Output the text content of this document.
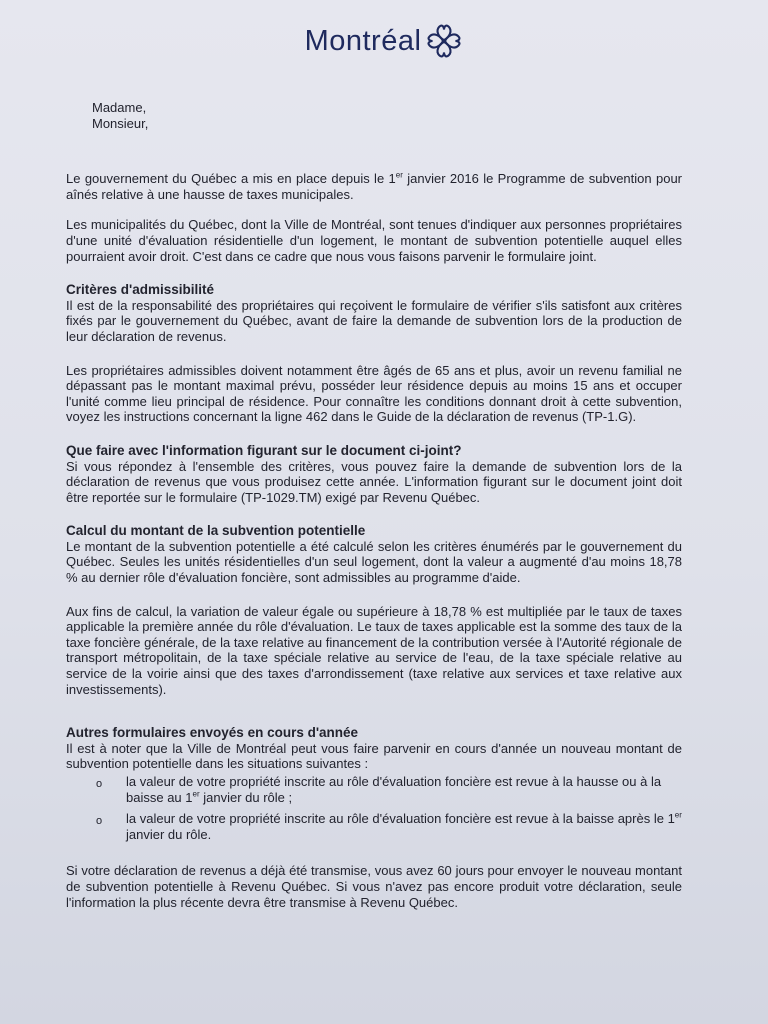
Montréal

Madame,

Monsieur,

Le gouvernement du Québec a mis en place depuis le 1er janvier 2016 le Programme de subvention pour aînés relative à une hausse de taxes municipales.

Les municipalités du Québec, dont la Ville de Montréal, sont tenues d'indiquer aux personnes propriétaires d'une unité d'évaluation résidentielle d'un logement, le montant de subvention potentielle auquel elles pourraient avoir droit. C'est dans ce cadre que nous vous faisons parvenir le formulaire joint.

Critères d'admissibilité

Il est de la responsabilité des propriétaires qui reçoivent le formulaire de vérifier s'ils satisfont aux critères fixés par le gouvernement du Québec, avant de faire la demande de subvention lors de la production de leur déclaration de revenus.

Les propriétaires admissibles doivent notamment être âgés de 65 ans et plus, avoir un revenu familial ne dépassant pas le montant maximal prévu, posséder leur résidence depuis au moins 15 ans et occuper l'unité comme lieu principal de résidence. Pour connaître les conditions donnant droit à cette subvention, voyez les instructions concernant la ligne 462 dans le Guide de la déclaration de revenus (TP-1.G).

Que faire avec l'information figurant sur le document ci-joint?

Si vous répondez à l'ensemble des critères, vous pouvez faire la demande de subvention lors de la déclaration de revenus que vous produisez cette année. L'information figurant sur le document joint doit être reportée sur le formulaire (TP-1029.TM) exigé par Revenu Québec.

Calcul du montant de la subvention potentielle

Le montant de la subvention potentielle a été calculé selon les critères énumérés par le gouvernement du Québec. Seules les unités résidentielles d'un seul logement, dont la valeur a augmenté d'au moins 18,78 % au dernier rôle d'évaluation foncière, sont admissibles au programme d'aide.

Aux fins de calcul, la variation de valeur égale ou supérieure à 18,78 % est multipliée par le taux de taxes applicable la première année du rôle d'évaluation. Le taux de taxes applicable est la somme des taux de la taxe foncière générale, de la taxe relative au financement de la contribution versée à l'Autorité régionale de transport métropolitain, de la taxe spéciale relative au service de l'eau, de la taxe spéciale relative au service de la voirie ainsi que des taxes d'arrondissement (taxe relative aux services et taxe relative aux investissements).

Autres formulaires envoyés en cours d'année

Il est à noter que la Ville de Montréal peut vous faire parvenir en cours d'année un nouveau montant de subvention potentielle dans les situations suivantes :

o la valeur de votre propriété inscrite au rôle d'évaluation foncière est revue à la hausse ou à la baisse au 1er janvier du rôle ;
o la valeur de votre propriété inscrite au rôle d'évaluation foncière est revue à la baisse après le 1er janvier du rôle.

Si votre déclaration de revenus a déjà été transmise, vous avez 60 jours pour envoyer le nouveau montant de subvention potentielle à Revenu Québec. Si vous n'avez pas encore produit votre déclaration, seule l'information la plus récente devra être transmise à Revenu Québec.
